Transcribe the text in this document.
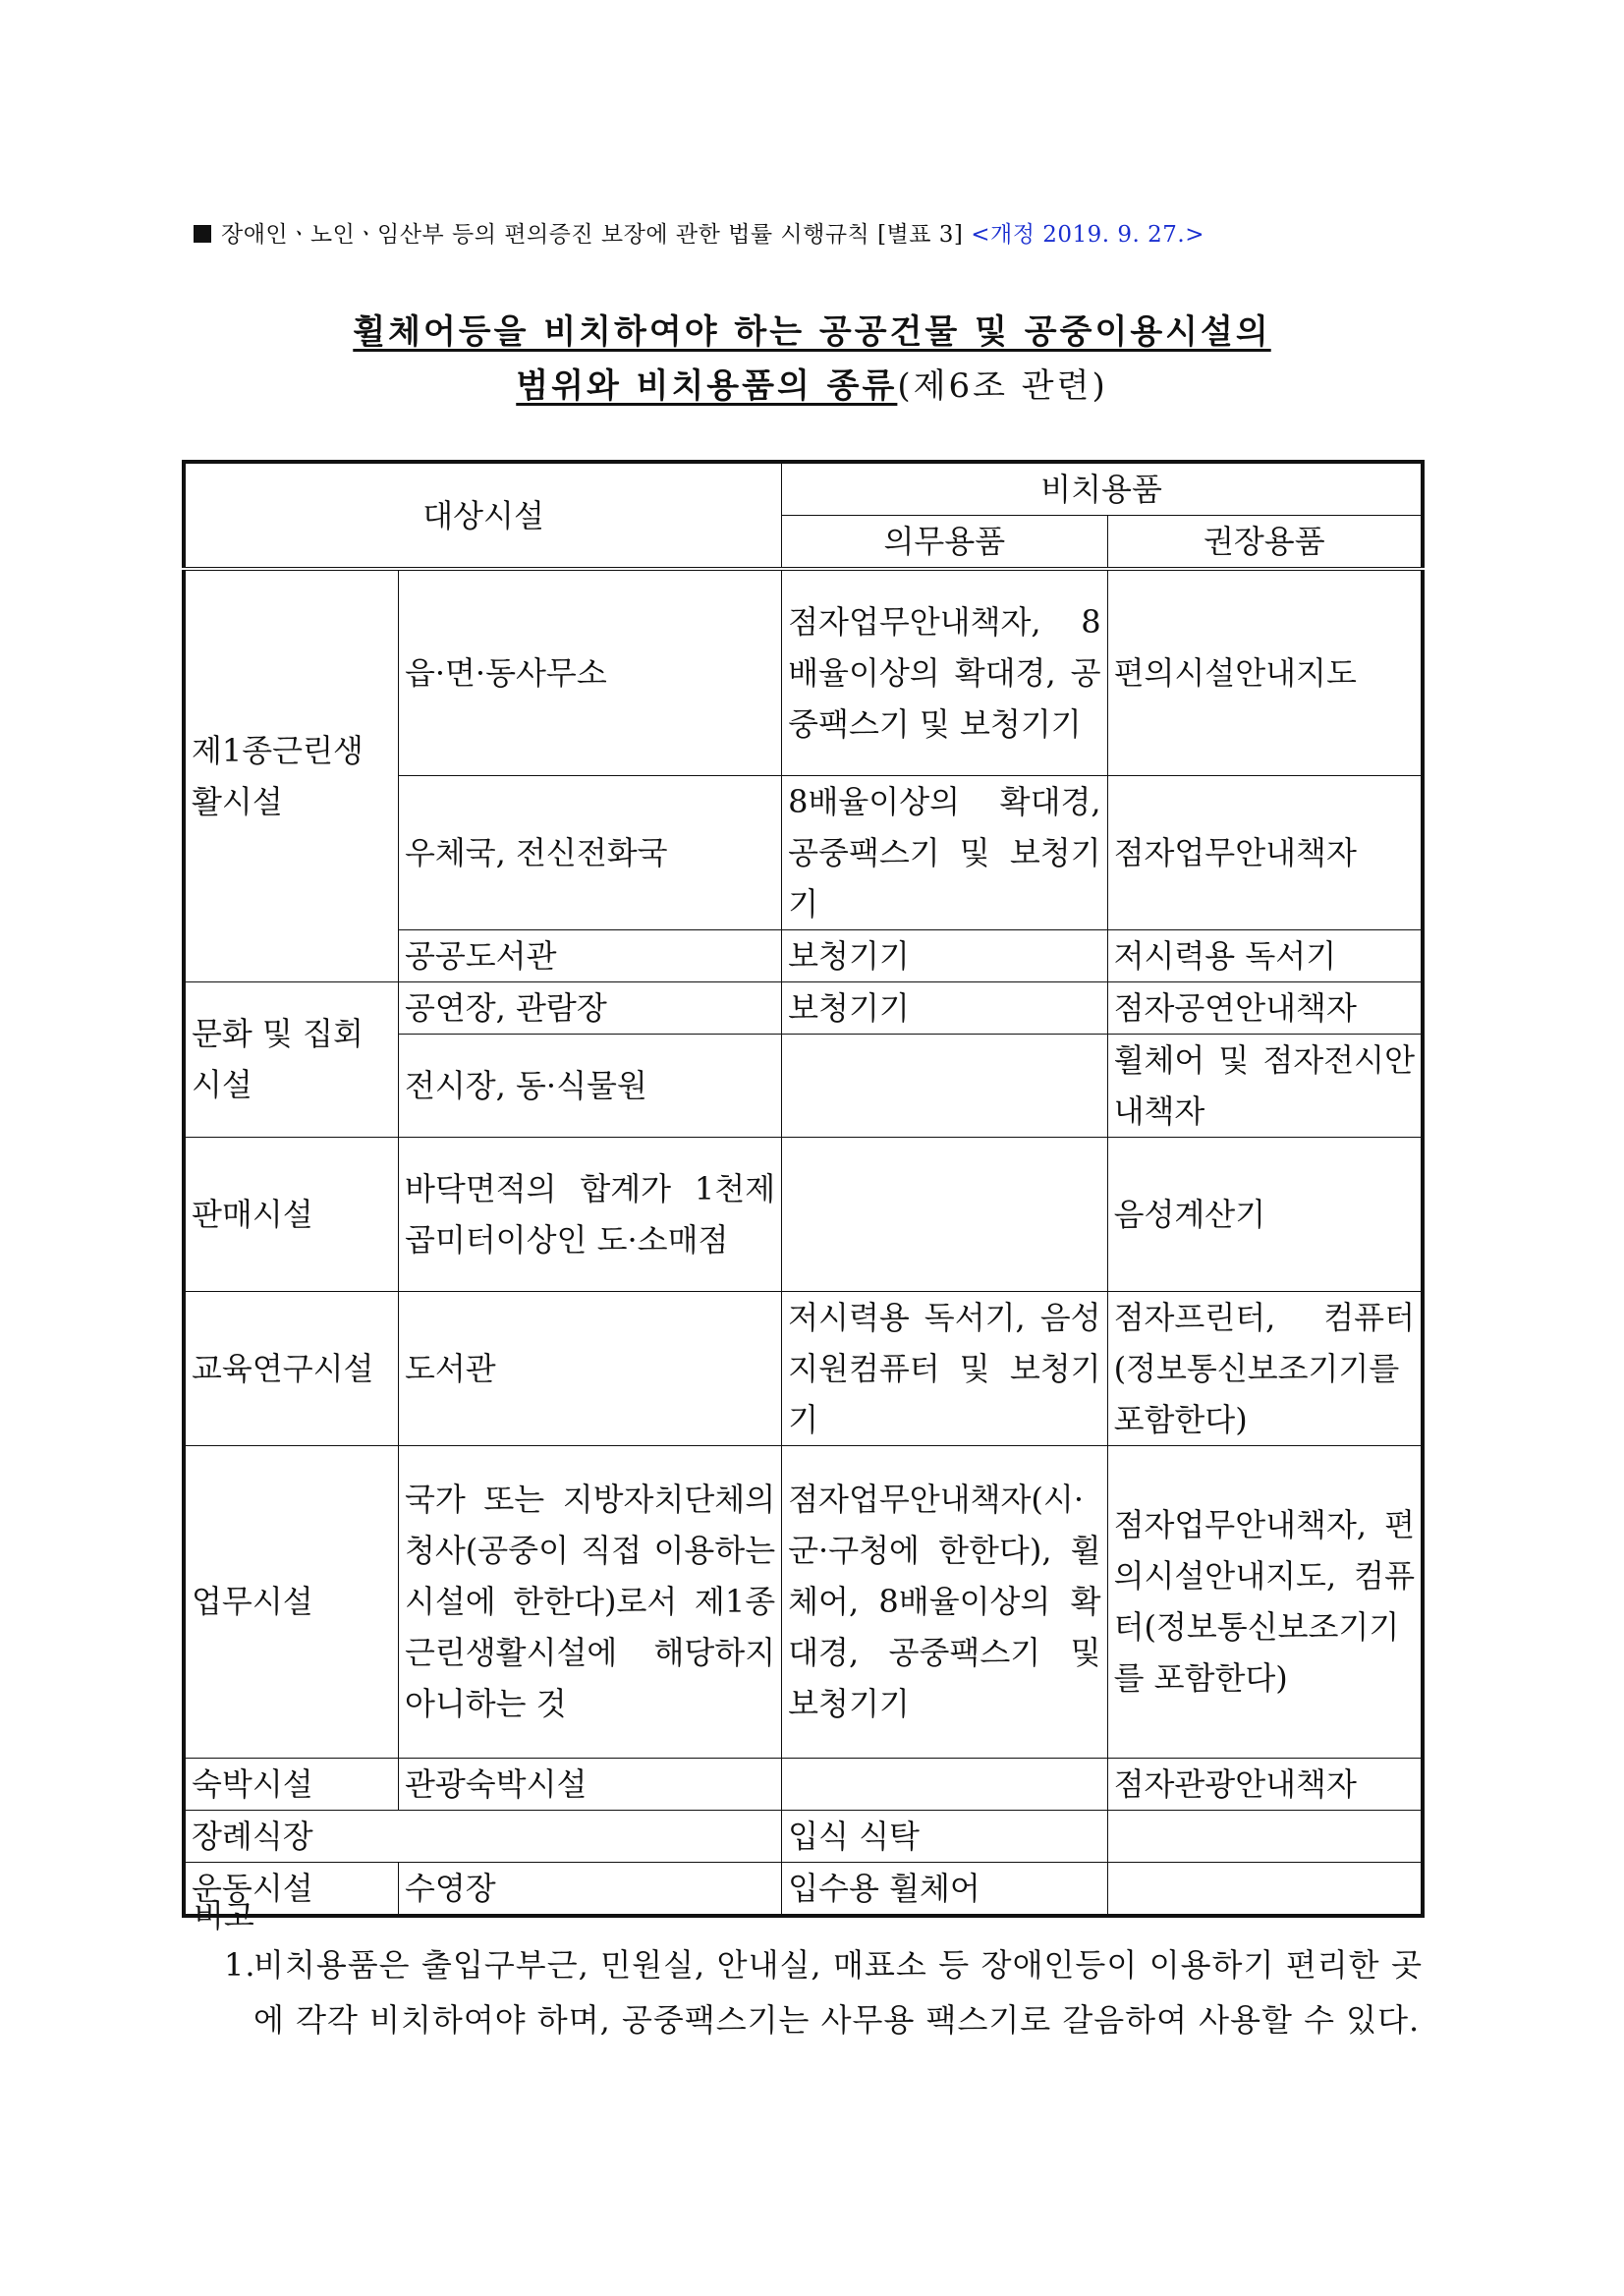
장애인ㆍ노인ㆍ임산부 등의 편의증진 보장에 관한 법률 시행규칙 [별표 3] <개정 2019. 9. 27.>
휠체어등을 비치하여야 하는 공공건물 및 공중이용시설의
범위와 비치용품의 종류(제6조 관련)
대상시설		비치용품	
		의무용품	권장용품
제1종근린생활시설	읍·면·동사무소	점자업무안내책자, 8배율이상의 확대경, 공중팩스기 및 보청기기	편의시설안내지도
	우체국, 전신전화국	8배율이상의 확대경, 공중팩스기 및 보청기기	점자업무안내책자
	공공도서관	보청기기	저시력용 독서기
문화 및 집회시설	공연장, 관람장	보청기기	점자공연안내책자
	전시장, 동·식물원		휠체어 및 점자전시안내책자
판매시설	바닥면적의 합계가 1천제곱미터이상인 도·소매점		음성계산기
교육연구시설	도서관	저시력용 독서기, 음성지원컴퓨터 및 보청기기	점자프린터, 컴퓨터(정보통신보조기기를 포함한다)
업무시설	국가 또는 지방자치단체의 청사(공중이 직접 이용하는 시설에 한한다)로서 제1종 근린생활시설에 해당하지 아니하는 것	점자업무안내책자(시·군·구청에 한한다), 휠체어, 8배율이상의 확대경, 공중팩스기 및 보청기기	점자업무안내책자, 편의시설안내지도, 컴퓨터(정보통신보조기기를 포함한다)
숙박시설	관광숙박시설		점자관광안내책자
장례식장		입식 식탁	
운동시설	수영장	입수용 휠체어	
비고
1.
비치용품은 출입구부근, 민원실, 안내실, 매표소 등 장애인등이 이용하기 편리한 곳에 각각 비치하여야 하며, 공중팩스기는 사무용 팩스기로 갈음하여 사용할 수 있다.
